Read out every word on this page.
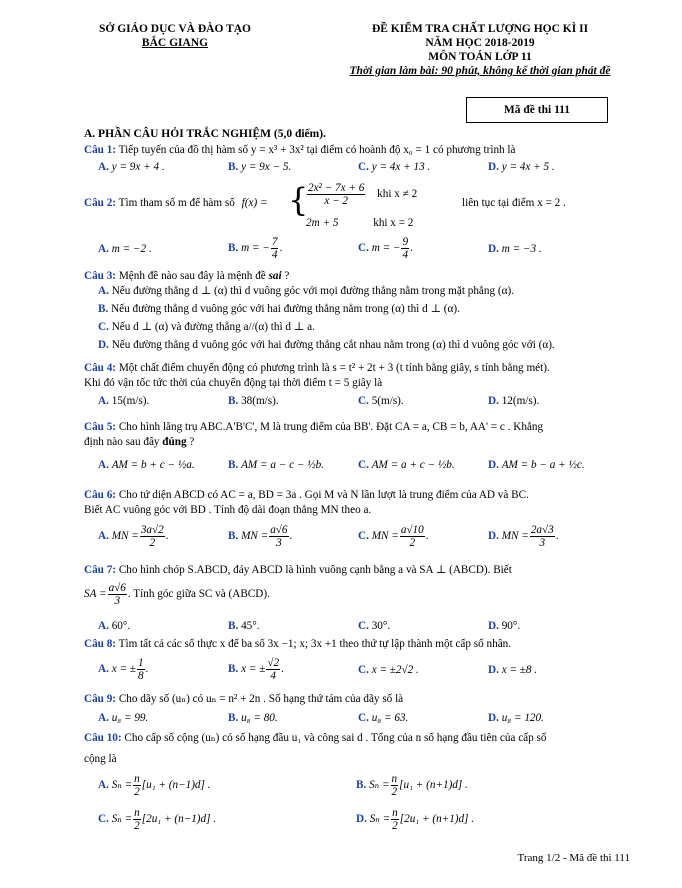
SỞ GIÁO DỤC VÀ ĐÀO TẠO
BẮC GIANG
ĐỀ KIỂM TRA CHẤT LƯỢNG HỌC KÌ II
NĂM HỌC 2018-2019
MÔN TOÁN LỚP 11
Thời gian làm bài: 90 phút, không kể thời gian phát đề
Mã đề thi 111
A. PHẦN CÂU HỎI TRẮC NGHIỆM (5,0 điểm).
Câu 1: Tiếp tuyến của đồ thị hàm số y = x³ + 3x² tại điểm có hoành độ x₀ = 1 có phương trình là
A. y = 9x + 4 .	B. y = 9x − 5.	C. y = 4x + 13 .	D. y = 4x + 5 .
Câu 2: Tìm tham số m để hàm số f(x) = {
$\frac{\text{2x² − 7x + 6}}{x - 2}$ khi x ≠ 2
2m + 5	khi x = 2
liên tục tại điểm x = 2 .
A. m = −2 .	B. m = − $\frac{7}{4}$ .	C. m = − $\frac{9}{4}$ .	D. m = −3 .
Câu 3: Mệnh đề nào sau đây là mệnh đề sai ?
A. Nếu đường thẳng d ⊥ (α) thì d vuông góc với mọi đường thẳng nằm trong mặt phẳng (α).
B. Nếu đường thẳng d vuông góc với hai đường thẳng nằm trong (α) thì d ⊥ (α).
C. Nếu d ⊥ (α) và đường thẳng a//(α) thì d ⊥ a.
D. Nếu đường thẳng d vuông góc với hai đường thẳng cắt nhau nằm trong (α) thì d vuông góc với (α).
Câu 4: Một chất điểm chuyển động có phương trình là s = t² + 2t + 3 (t tính bằng giây, s tính bằng mét).
Khi đó vận tốc tức thời của chuyển động tại thời điểm t = 5 giây là
A. 15(m/s).	B. 38(m/s).	C. 5(m/s).	D. 12(m/s).
Câu 5: Cho hình lăng trụ ABC.A'B'C', M là trung điểm của BB'. Đặt CA = a, CB = b, AA' = c . Khẳng
định nào sau đây đúng ?
A. AM = b + c − ½a.	B. AM = a − c − ½b.	C. AM = a + c − ½b.	D. AM = b − a + ½c.
Câu 6: Cho tứ diện ABCD có AC = a, BD = 3a . Gọi M và N lần lượt là trung điểm của AD và BC.
Biết AC vuông góc với BD . Tính độ dài đoạn thẳng MN theo a.
A. MN = $\frac{3a√2}{2}$ .	B. MN = $\frac{a√6}{3}$ .	C. MN = $\frac{a√10}{2}$ .	D. MN = $\frac{2a√3}{3}$ .
Câu 7: Cho hình chóp S.ABCD, đáy ABCD là hình vuông cạnh bằng a và SA ⊥ (ABCD). Biết
SA = $\frac{a√6}{3}$ . Tính góc giữa SC và (ABCD).
A. 60°.	B. 45°.	C. 30°.	D. 90°.
Câu 8: Tìm tất cả các số thực x để ba số 3x −1; x; 3x +1 theo thứ tự lập thành một cấp số nhân.
A. x = ± $\frac{1}{8}$ .	B. x = ± $\frac{√2}{4}$ .	C. x = ±2√2 .	D. x = ±8 .
Câu 9: Cho dãy số (uₙ) có uₙ = n² + 2n . Số hạng thứ tám của dãy số là
A. u₈ = 99.	B. u₈ = 80.	C. u₈ = 63.	D. u₈ = 120.
Câu 10: Cho cấp số cộng (uₙ) có số hạng đầu u₁ và công sai d . Tổng của n số hạng đầu tiên của cấp số
cộng là
A. $S_n = \frac{n}{2} [u_1 + (n-1)d]$ .	B. $S_n = \frac{n}{2} [u_1 + (n+1)d]$ .
C. $S_n = \frac{n}{2} [2u_1 + (n-1)d]$ .	D. $S_n = \frac{n}{2} [2u_1 + (n+1)d]$ .
Trang 1/2 - Mã đề thi 111
